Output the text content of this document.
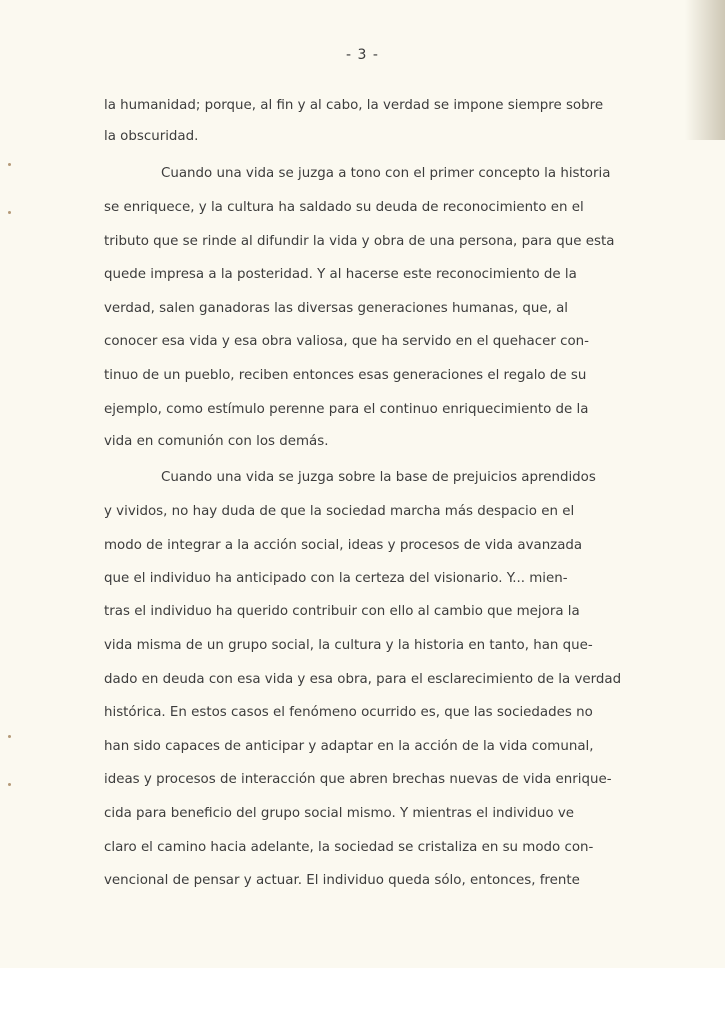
- 3 -

la humanidad; porque, al fin y al cabo, la verdad se impone siempre sobre

la obscuridad.

Cuando una vida se juzga a tono con el primer concepto la historia

se enriquece, y la cultura ha saldado su deuda de reconocimiento en el

tributo que se rinde al difundir la vida y obra de una persona, para que esta

quede impresa a la posteridad. Y al hacerse este reconocimiento de la

verdad, salen ganadoras las diversas generaciones humanas, que, al

conocer esa vida y esa obra valiosa, que ha servido en el quehacer con-

tinuo de un pueblo, reciben entonces esas generaciones el regalo de su

ejemplo, como estímulo perenne para el continuo enriquecimiento de la

vida en comunión con los demás.

Cuando una vida se juzga sobre la base de prejuicios aprendidos

y vividos, no hay duda de que la sociedad marcha más despacio en el

modo de integrar a la acción social, ideas y procesos de vida avanzada

que el individuo ha anticipado con la certeza del visionario. Y... mien-

tras el individuo ha querido contribuir con ello al cambio que mejora la

vida misma de un grupo social, la cultura y la historia en tanto, han que-

dado en deuda con esa vida y esa obra, para el esclarecimiento de la verdad

histórica. En estos casos el fenómeno ocurrido es, que las sociedades no

han sido capaces de anticipar y adaptar en la acción de la vida comunal,

ideas y procesos de interacción que abren brechas nuevas de vida enrique-

cida para beneficio del grupo social mismo. Y mientras el individuo ve

claro el camino hacia adelante, la sociedad se cristaliza en su modo con-

vencional de pensar y actuar. El individuo queda sólo, entonces, frente
